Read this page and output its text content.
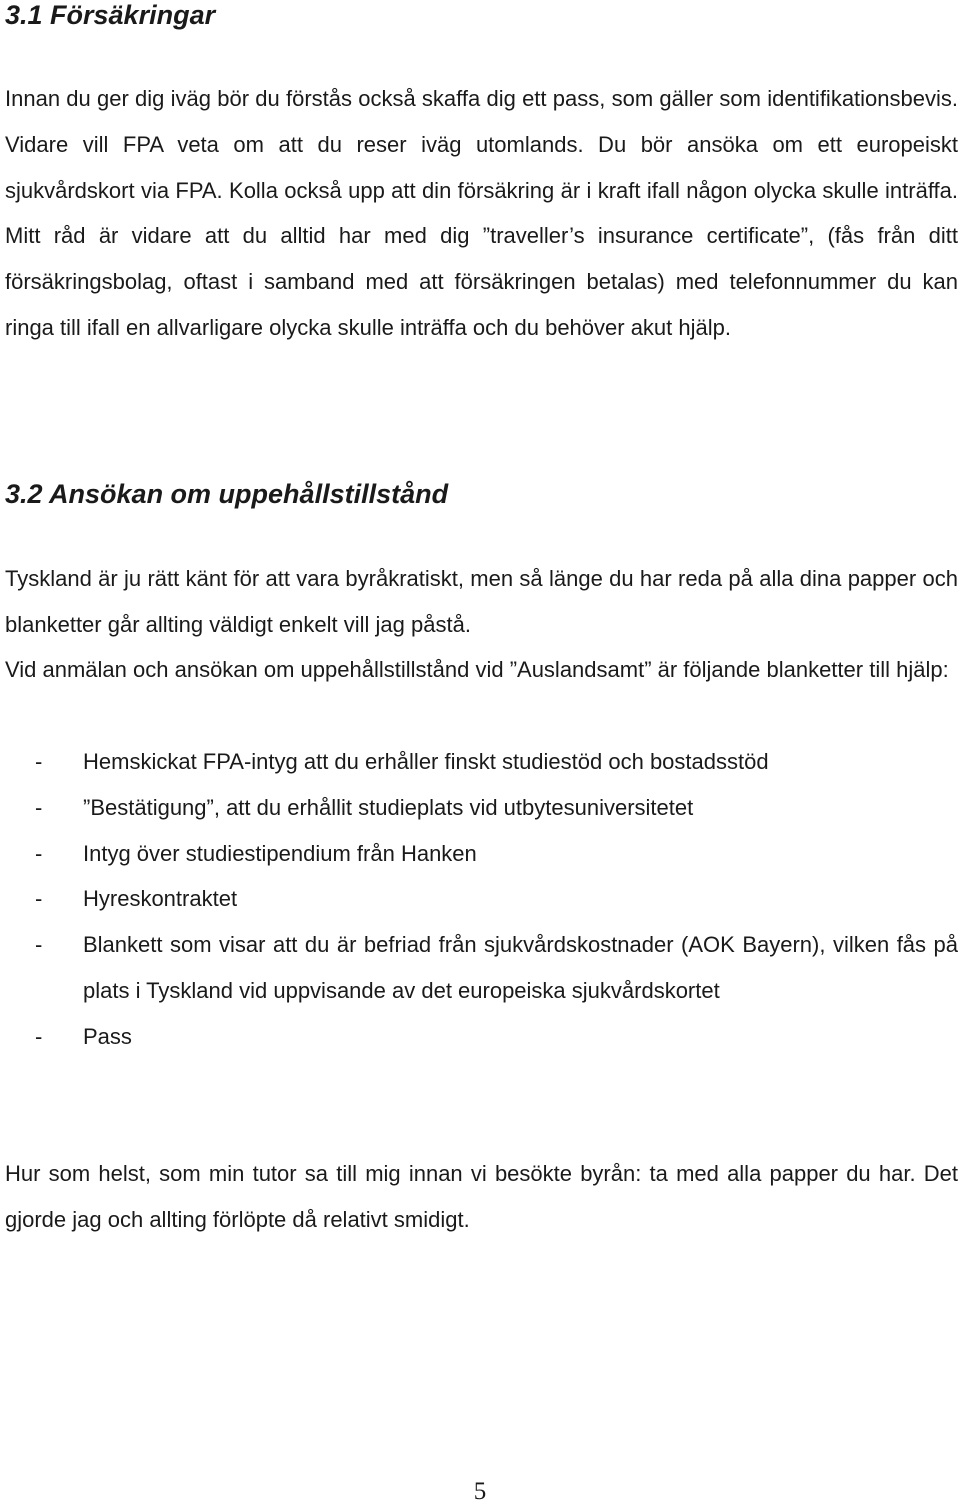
3.1 Försäkringar

Innan du ger dig iväg bör du förstås också skaffa dig ett pass, som gäller som identifikationsbevis. Vidare vill FPA veta om att du reser iväg utomlands. Du bör ansöka om ett europeiskt sjukvårdskort via FPA. Kolla också upp att din försäkring är i kraft ifall någon olycka skulle inträffa. Mitt råd är vidare att du alltid har med dig ”traveller’s insurance certificate”, (fås från ditt försäkringsbolag, oftast i samband med att försäkringen betalas) med telefonnummer du kan ringa till ifall en allvarligare olycka skulle inträffa och du behöver akut hjälp.

3.2 Ansökan om uppehållstillstånd

Tyskland är ju rätt känt för att vara byråkratiskt, men så länge du har reda på alla dina papper och blanketter går allting väldigt enkelt vill jag påstå.

Vid anmälan och ansökan om uppehållstillstånd vid ”Auslandsamt” är följande blanketter till hjälp:

- Hemskickat FPA-intyg att du erhåller finskt studiestöd och bostadsstöd
- ”Bestätigung”, att du erhållit studieplats vid utbytesuniversitetet
- Intyg över studiestipendium från Hanken
- Hyreskontraktet
- Blankett som visar att du är befriad från sjukvårdskostnader (AOK Bayern), vilken fås på plats i Tyskland vid uppvisande av det europeiska sjukvårdskortet
- Pass

Hur som helst, som min tutor sa till mig innan vi besökte byrån: ta med alla papper du har. Det gjorde jag och allting förlöpte då relativt smidigt.

5
